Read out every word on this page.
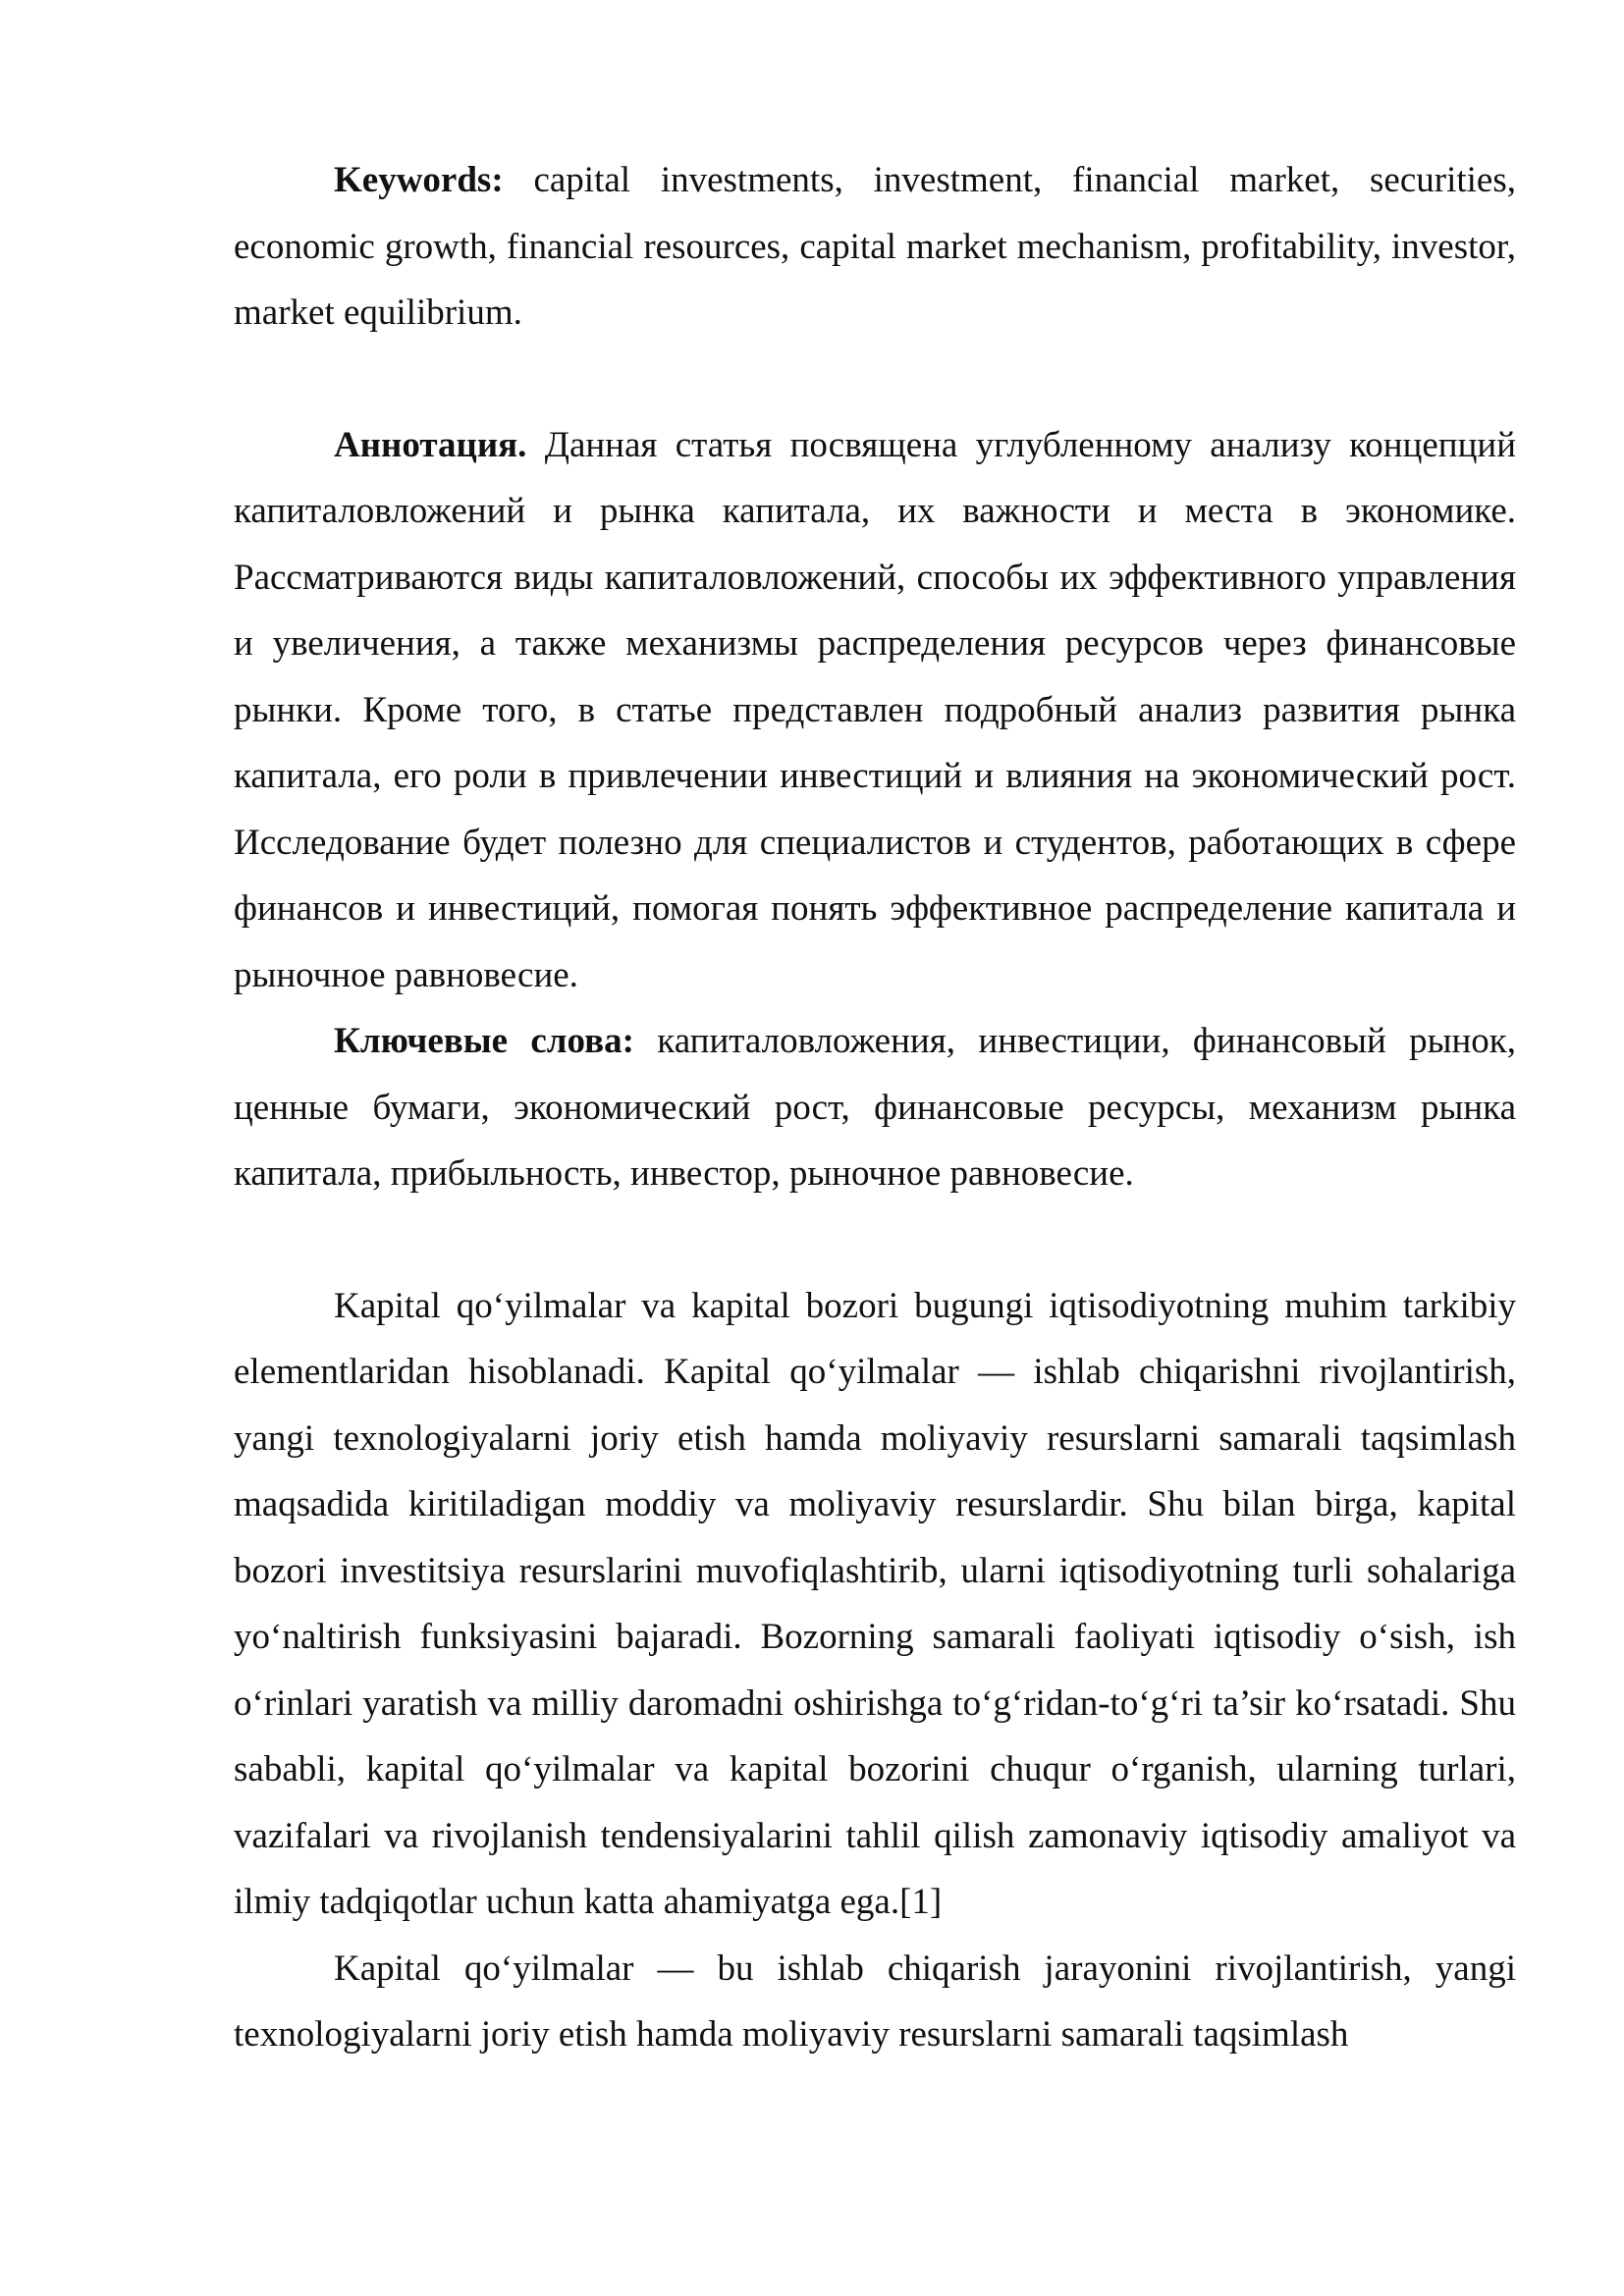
Keywords: capital investments, investment, financial market, securities, economic growth, financial resources, capital market mechanism, profitability, investor, market equilibrium.

Аннотация. Данная статья посвящена углубленному анализу концепций капиталовложений и рынка капитала, их важности и места в экономике. Рассматриваются виды капиталовложений, способы их эффективного управления и увеличения, а также механизмы распределения ресурсов через финансовые рынки. Кроме того, в статье представлен подробный анализ развития рынка капитала, его роли в привлечении инвестиций и влияния на экономический рост. Исследование будет полезно для специалистов и студентов, работающих в сфере финансов и инвестиций, помогая понять эффективное распределение капитала и рыночное равновесие.

Ключевые слова: капиталовложения, инвестиции, финансовый рынок, ценные бумаги, экономический рост, финансовые ресурсы, механизм рынка капитала, прибыльность, инвестор, рыночное равновесие.

Kapital qo‘yilmalar va kapital bozori bugungi iqtisodiyotning muhim tarkibiy elementlaridan hisoblanadi. Kapital qo‘yilmalar — ishlab chiqarishni rivojlantirish, yangi texnologiyalarni joriy etish hamda moliyaviy resurslarni samarali taqsimlash maqsadida kiritiladigan moddiy va moliyaviy resurslardir. Shu bilan birga, kapital bozori investitsiya resurslarini muvofiqlashtirib, ularni iqtisodiyotning turli sohalariga yo‘naltirish funksiyasini bajaradi. Bozorning samarali faoliyati iqtisodiy o‘sish, ish o‘rinlari yaratish va milliy daromadni oshirishga to‘g‘ridan-to‘g‘ri ta’sir ko‘rsatadi. Shu sababli, kapital qo‘yilmalar va kapital bozorini chuqur o‘rganish, ularning turlari, vazifalari va rivojlanish tendensiyalarini tahlil qilish zamonaviy iqtisodiy amaliyot va ilmiy tadqiqotlar uchun katta ahamiyatga ega.[1]

Kapital qo‘yilmalar — bu ishlab chiqarish jarayonini rivojlantirish, yangi texnologiyalarni joriy etish hamda moliyaviy resurslarni samarali taqsimlash
